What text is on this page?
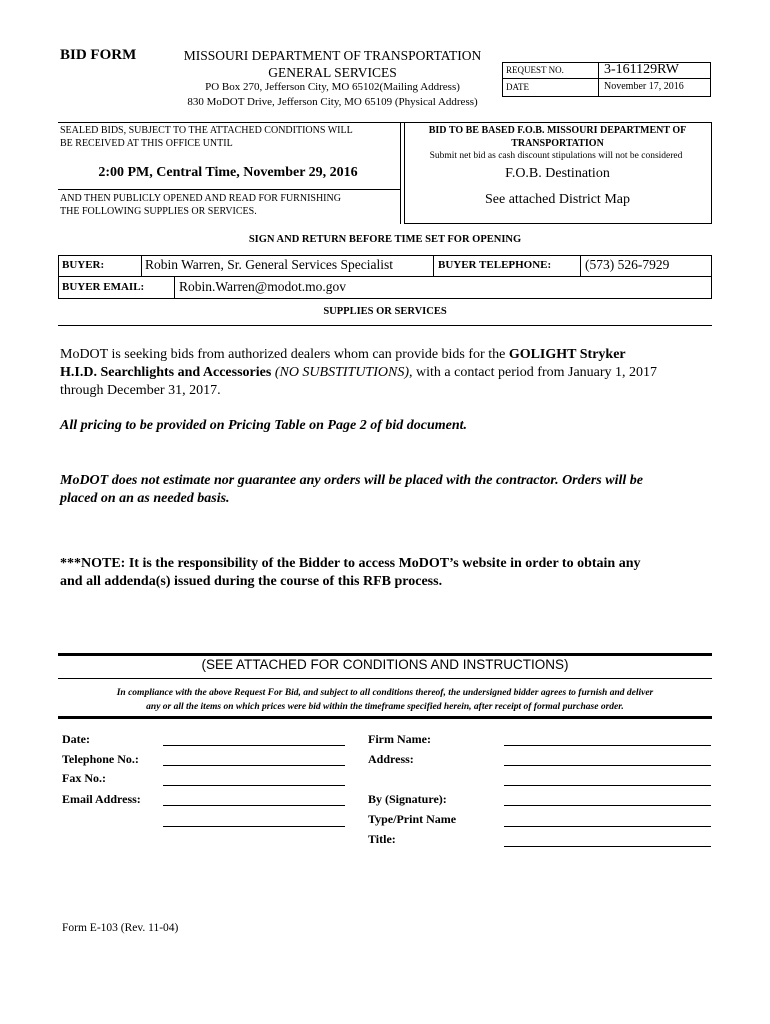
BID FORM	MISSOURI DEPARTMENT OF TRANSPORTATION
GENERAL SERVICES
PO Box 270, Jefferson City, MO 65102(Mailing Address)
830 MoDOT Drive, Jefferson City, MO 65109 (Physical Address)
REQUEST NO.	3-161129RW
DATE	November 17, 2016
SEALED BIDS, SUBJECT TO THE ATTACHED CONDITIONS WILL
BE RECEIVED AT THIS OFFICE UNTIL
2:00 PM, Central Time, November 29, 2016
AND THEN PUBLICLY OPENED AND READ FOR FURNISHING
THE FOLLOWING SUPPLIES OR SERVICES.
BID TO BE BASED F.O.B. MISSOURI DEPARTMENT OF
TRANSPORTATION
Submit net bid as cash discount stipulations will not be considered
F.O.B. Destination
See attached District Map
SIGN AND RETURN BEFORE TIME SET FOR OPENING
BUYER:	Robin Warren, Sr. General Services Specialist	BUYER TELEPHONE:	(573) 526-7929
BUYER EMAIL:	Robin.Warren@modot.mo.gov
SUPPLIES OR SERVICES
MoDOT is seeking bids from authorized dealers whom can provide bids for the GOLIGHT Stryker
H.I.D. Searchlights and Accessories (NO SUBSTITUTIONS), with a contact period from January 1, 2017
through December 31, 2017.
All pricing to be provided on Pricing Table on Page 2 of bid document.
MoDOT does not estimate nor guarantee any orders will be placed with the contractor. Orders will be
placed on an as needed basis.
***NOTE: It is the responsibility of the Bidder to access MoDOT’s website in order to obtain any
and all addenda(s) issued during the course of this RFB process.
(SEE ATTACHED FOR CONDITIONS AND INSTRUCTIONS)
In compliance with the above Request For Bid, and subject to all conditions thereof, the undersigned bidder agrees to furnish and deliver
any or all the items on which prices were bid within the timeframe specified herein, after receipt of formal purchase order.
Date:
Telephone No.:
Fax No.:
Email Address:
Firm Name:
Address:
By (Signature):
Type/Print Name
Title:
Form E-103 (Rev. 11-04)
